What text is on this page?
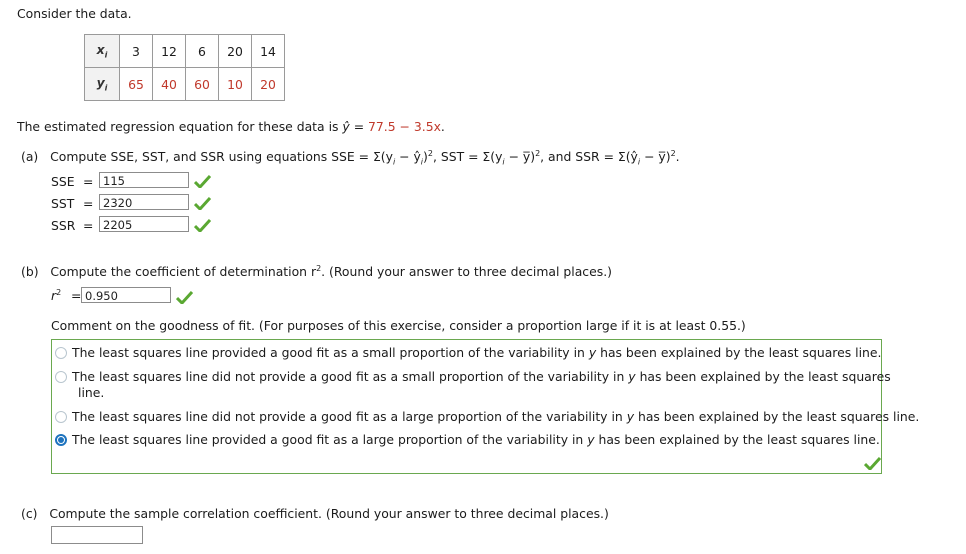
Consider the data.
$x_i$	3	12	6	20	14
$y_i$	65	40	60	10	20
The estimated regression equation for these data is ŷ = 77.5 − 3.5x.
(a) Compute SSE, SST, and SSR using equations SSE = $\Sigma(y_i$ − $ŷ_i)^2$, SST = $\Sigma(y_i$ − y̅)$^2$, and SSR = $\Sigma(ŷ_i$ − y̅)$^2$.
SSE = 115
SST = 2320
SSR = 2205
(b) Compute the coefficient of determination $r^2$. (Round your answer to three decimal places.)
$r^2 = 0.950$
Comment on the goodness of fit. (For purposes of this exercise, consider a proportion large if it is at least 0.55.)
The least squares line provided a good fit as a small proportion of the variability in y has been explained by the least squares line.
The least squares line did not provide a good fit as a small proportion of the variability in y has been explained by the least squares
line.
The least squares line did not provide a good fit as a large proportion of the variability in y has been explained by the least squares line.
The least squares line provided a good fit as a large proportion of the variability in y has been explained by the least squares line.
(c) Compute the sample correlation coefficient. (Round your answer to three decimal places.)
